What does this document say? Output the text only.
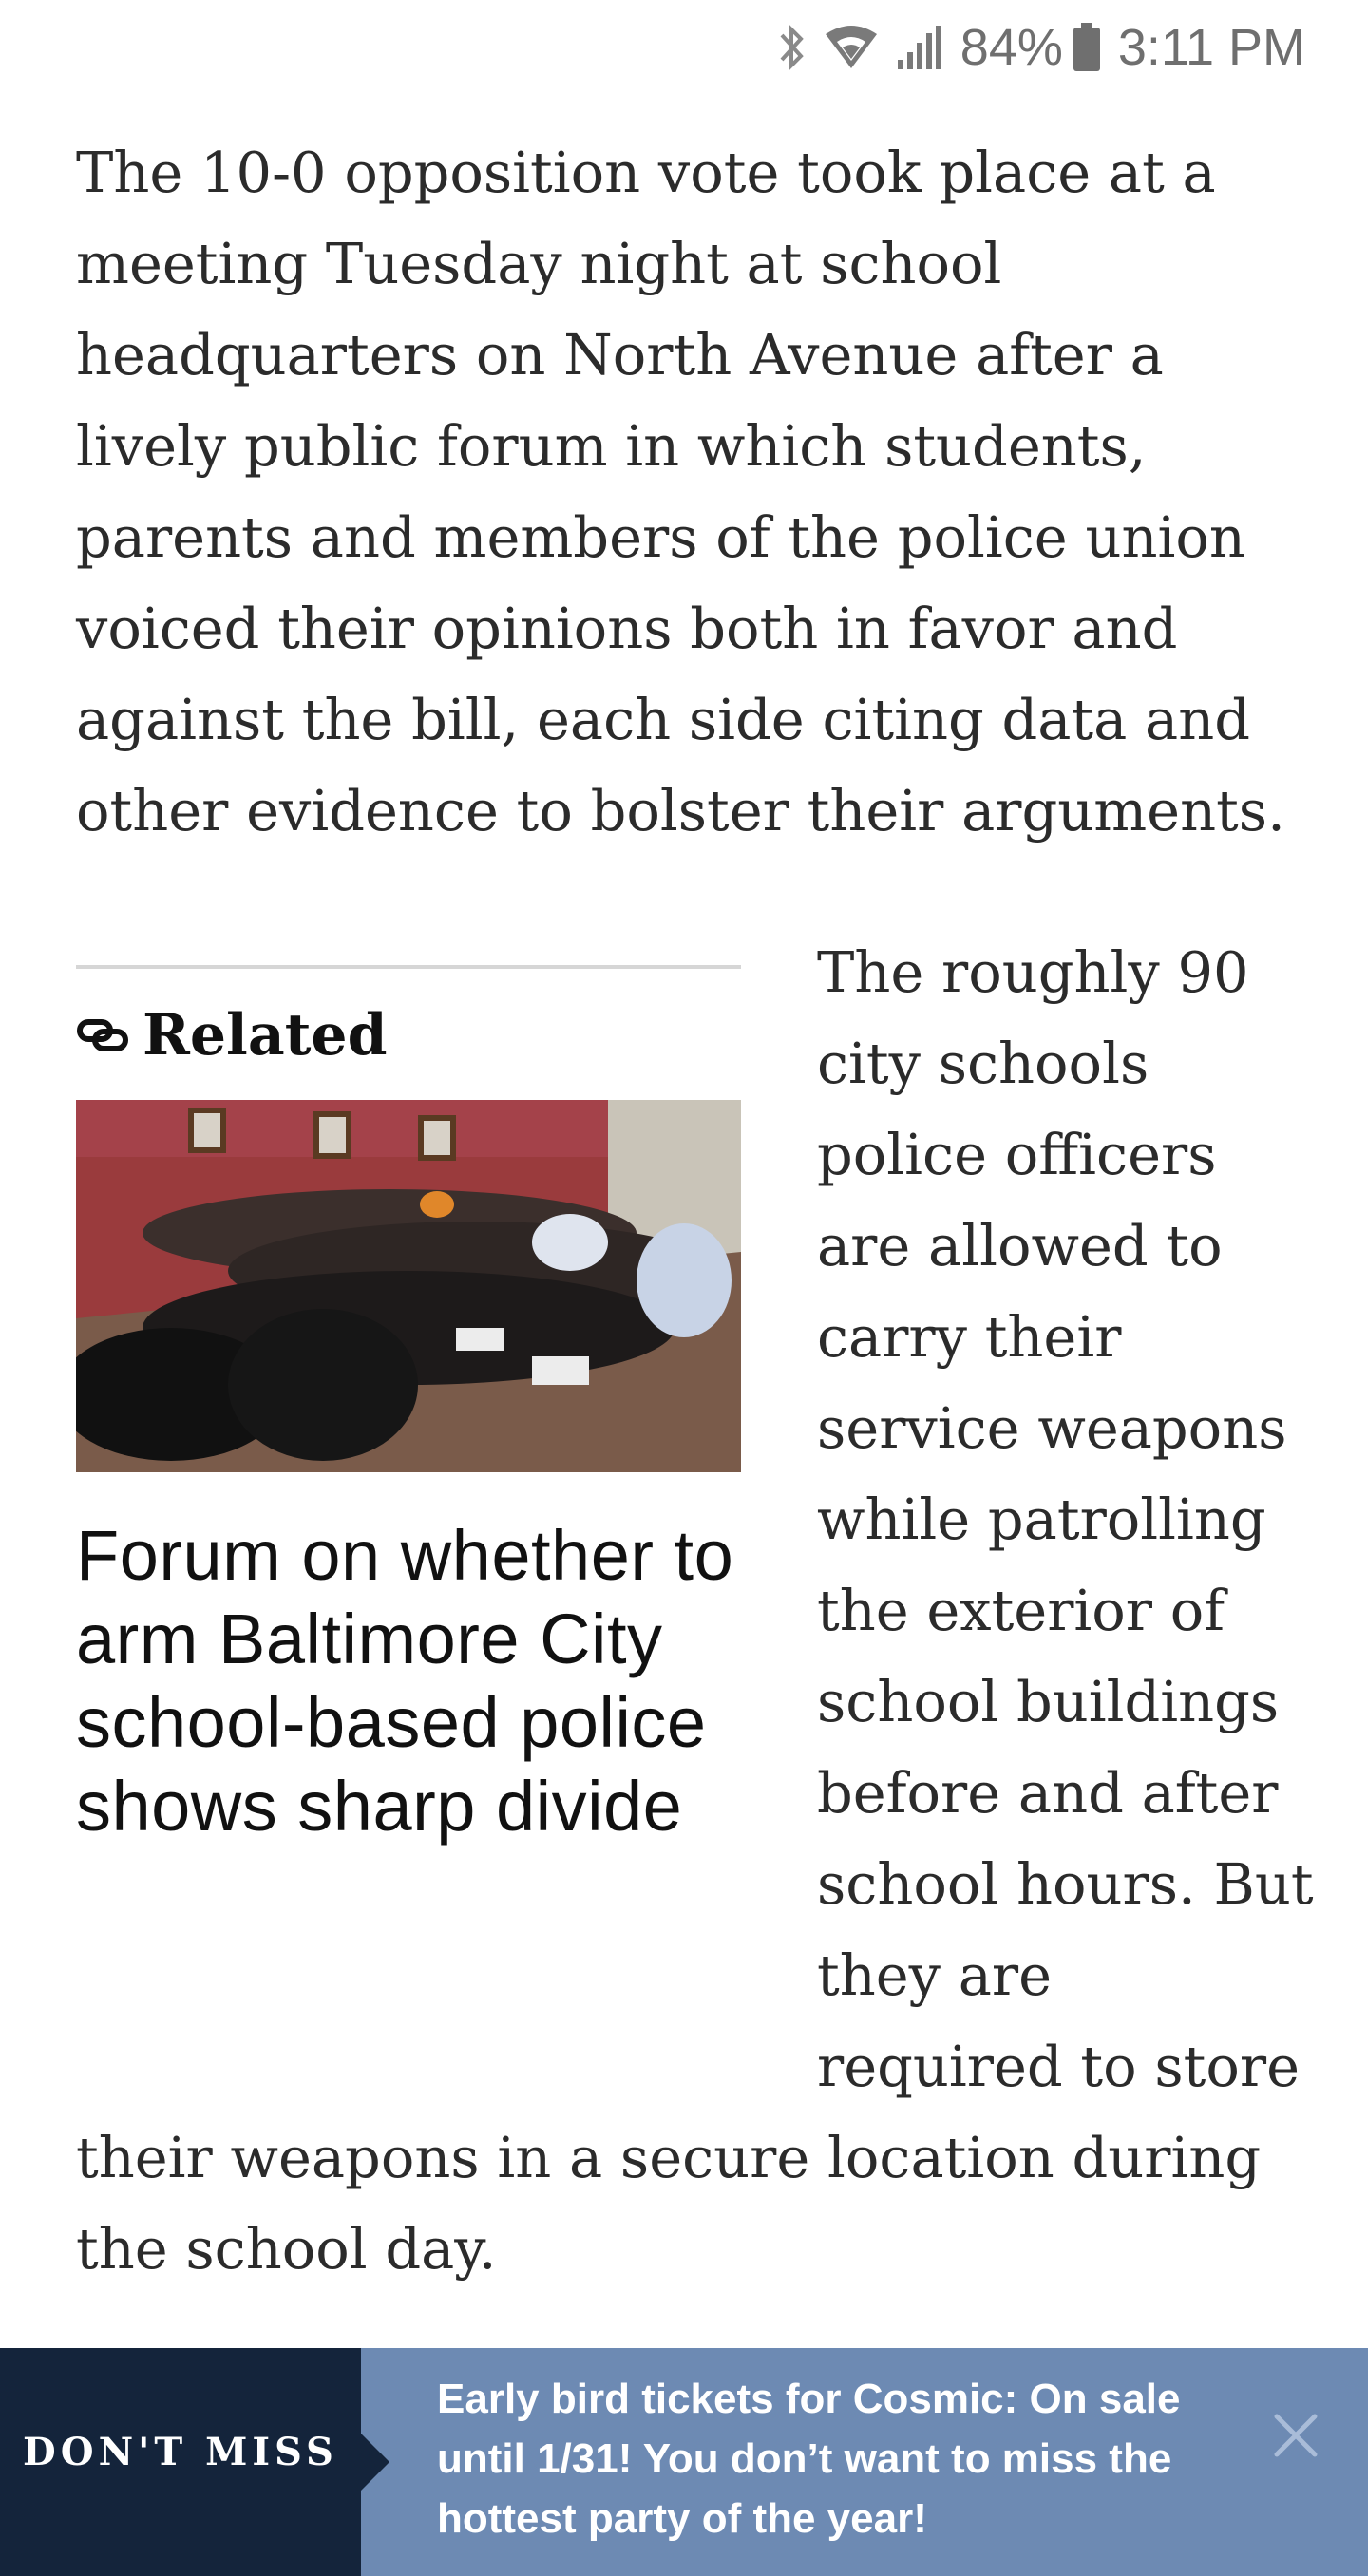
84% 3:11 PM

The 10-0 opposition vote took place at a meeting Tuesday night at school headquarters on North Avenue after a lively public forum in which students, parents and members of the police union voiced their opinions both in favor and against the bill, each side citing data and other evidence to bolster their arguments.

Related
Forum on whether to arm Baltimore City school-based police shows sharp divide
The roughly 90
city schools
police officers
are allowed to
carry their
service weapons
while patrolling
the exterior of
school buildings
before and after
school hours. But
they are
required to store

their weapons in a secure location during the school day.

DON'T MISS
Early bird tickets for Cosmic: On sale until 1/31! You don’t want to miss the hottest party of the year!
